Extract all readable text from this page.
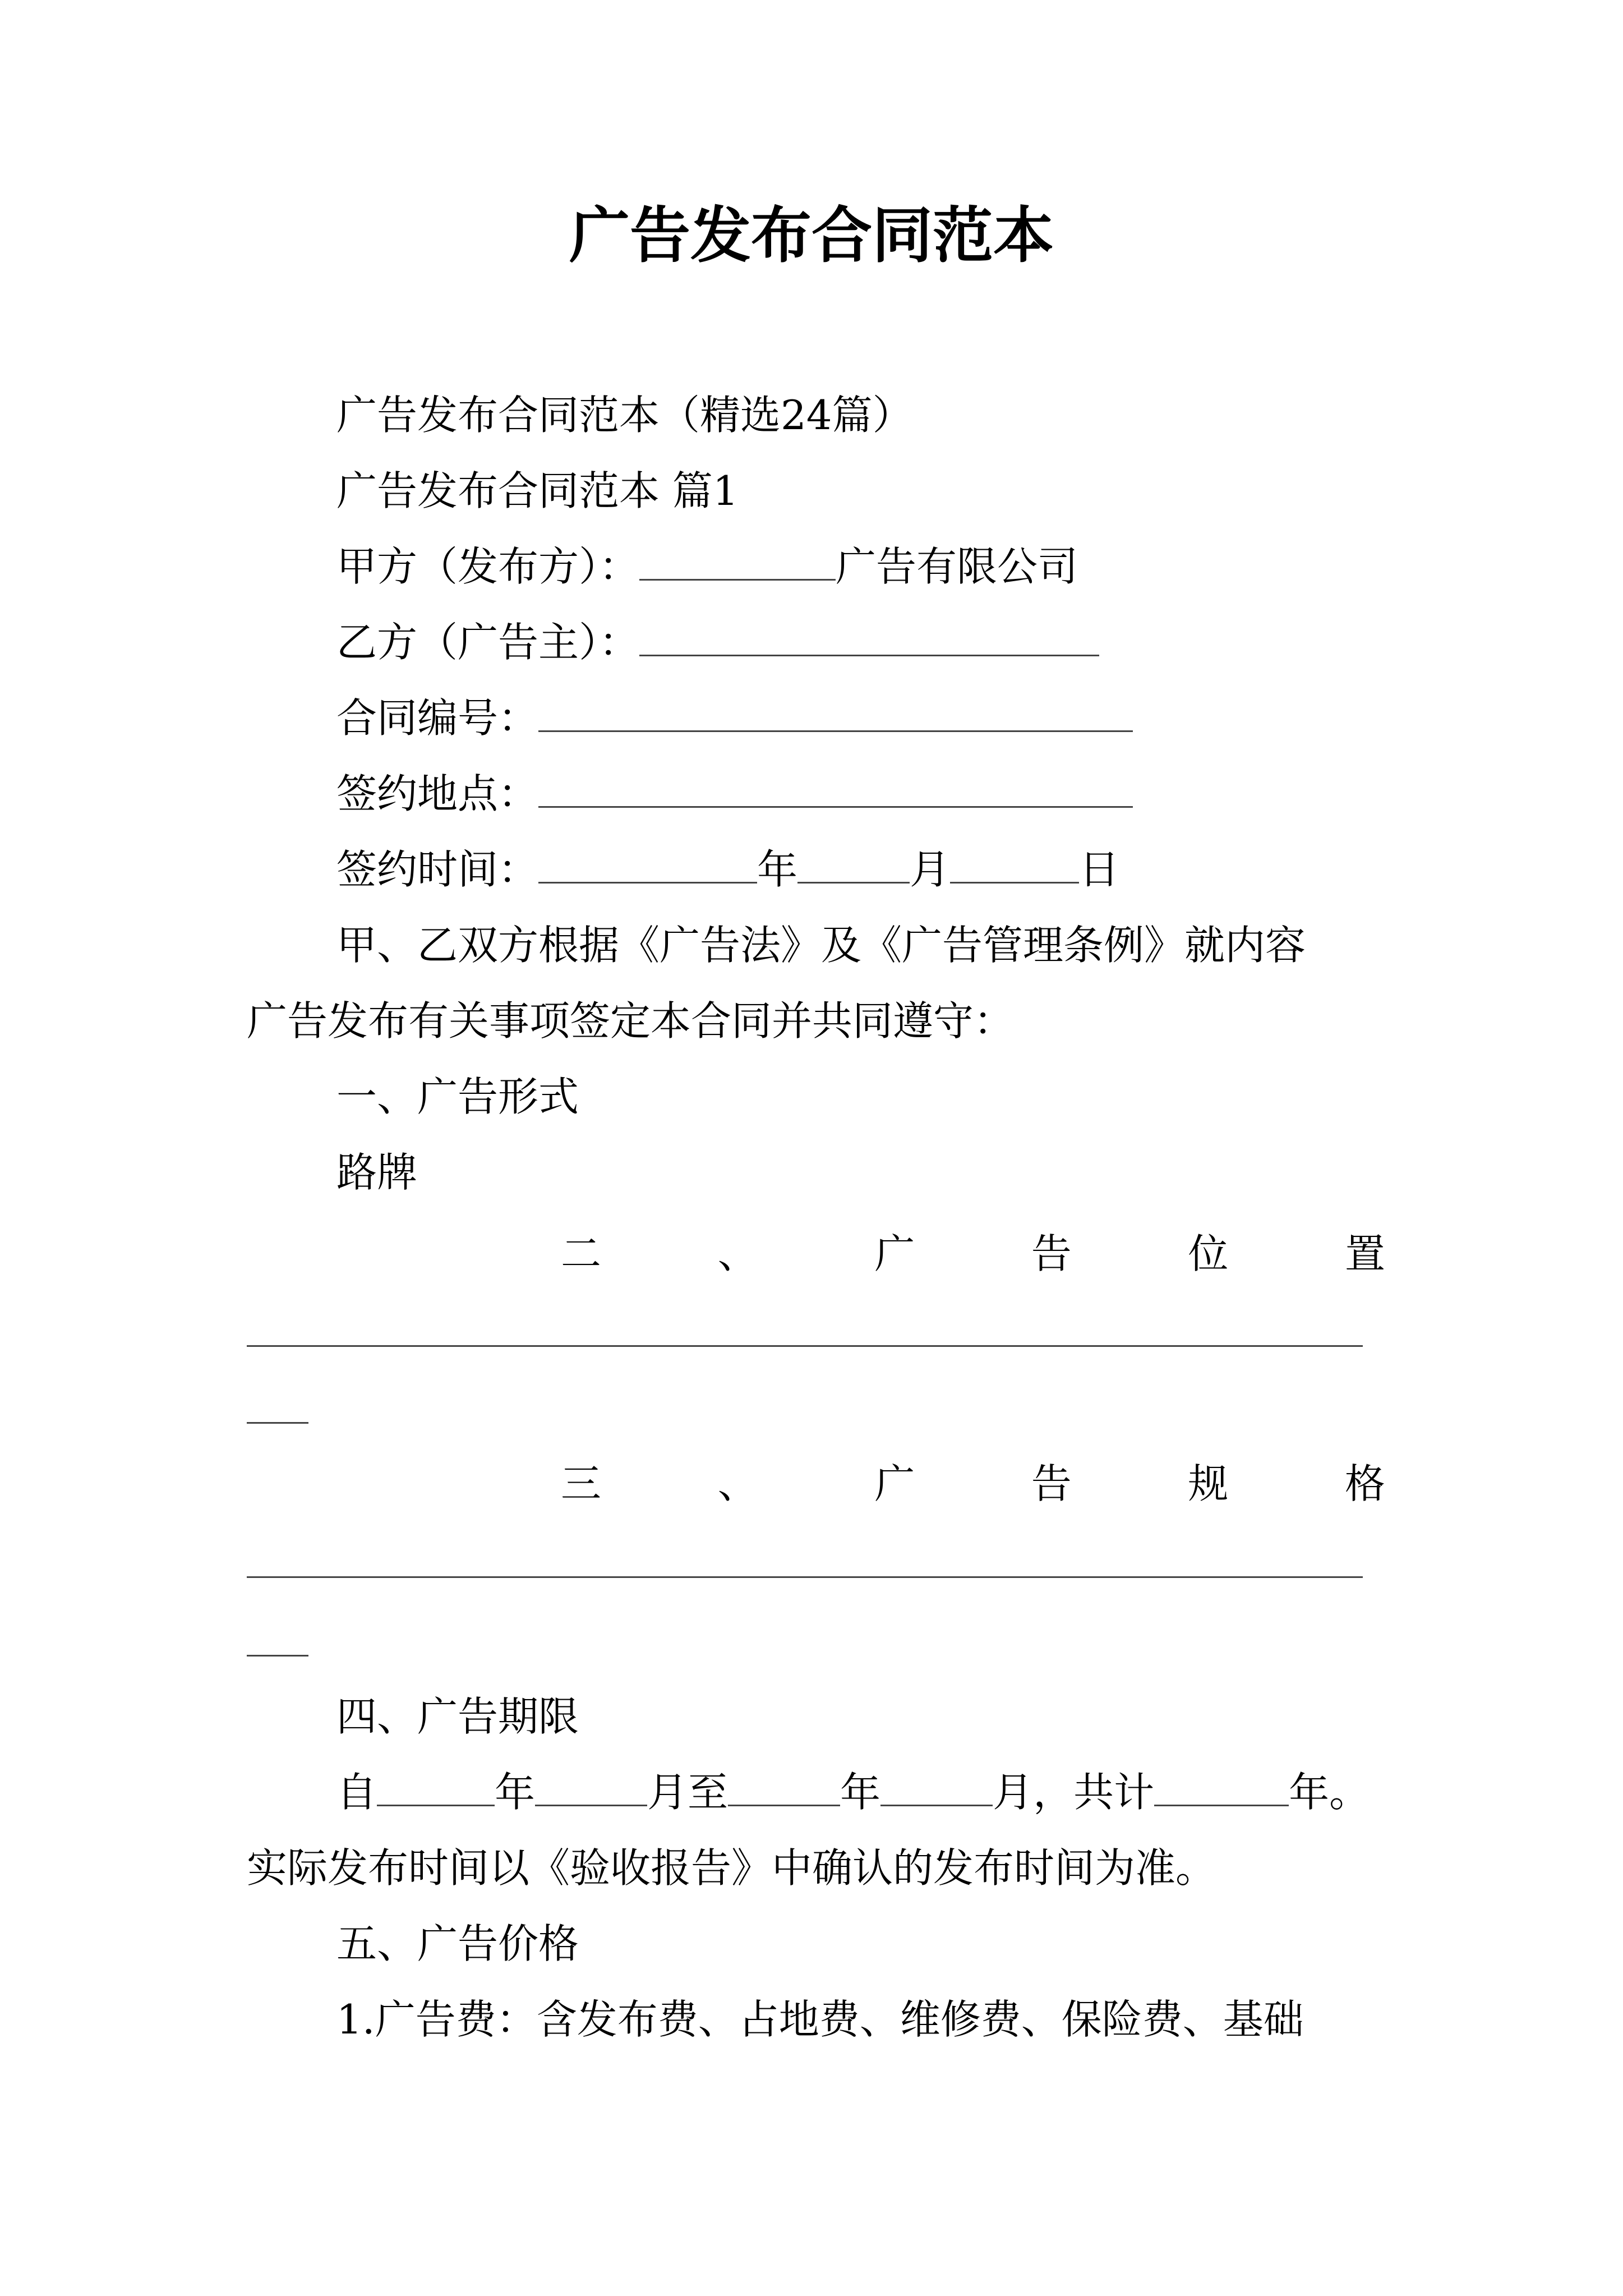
广告发布合同范本
广告发布合同范本（精选24篇）
广告发布合同范本 篇1
甲方（发布方）：	广告有限公司
乙方（广告主）：
合同编号：
签约地点：
签约时间：	年	月	日
甲、乙双方根据《广告法》及《广告管理条例》就内容
广告发布有关事项签定本合同并共同遵守：
一、广告形式
路牌
二	、	广	告	位	置
三	、	广	告	规	格
四、广告期限
自	年	月至	年	月，共计	年。
实际发布时间以《验收报告》中确认的发布时间为准。
五、广告价格
1.广告费：含发布费、占地费、维修费、保险费、基础
